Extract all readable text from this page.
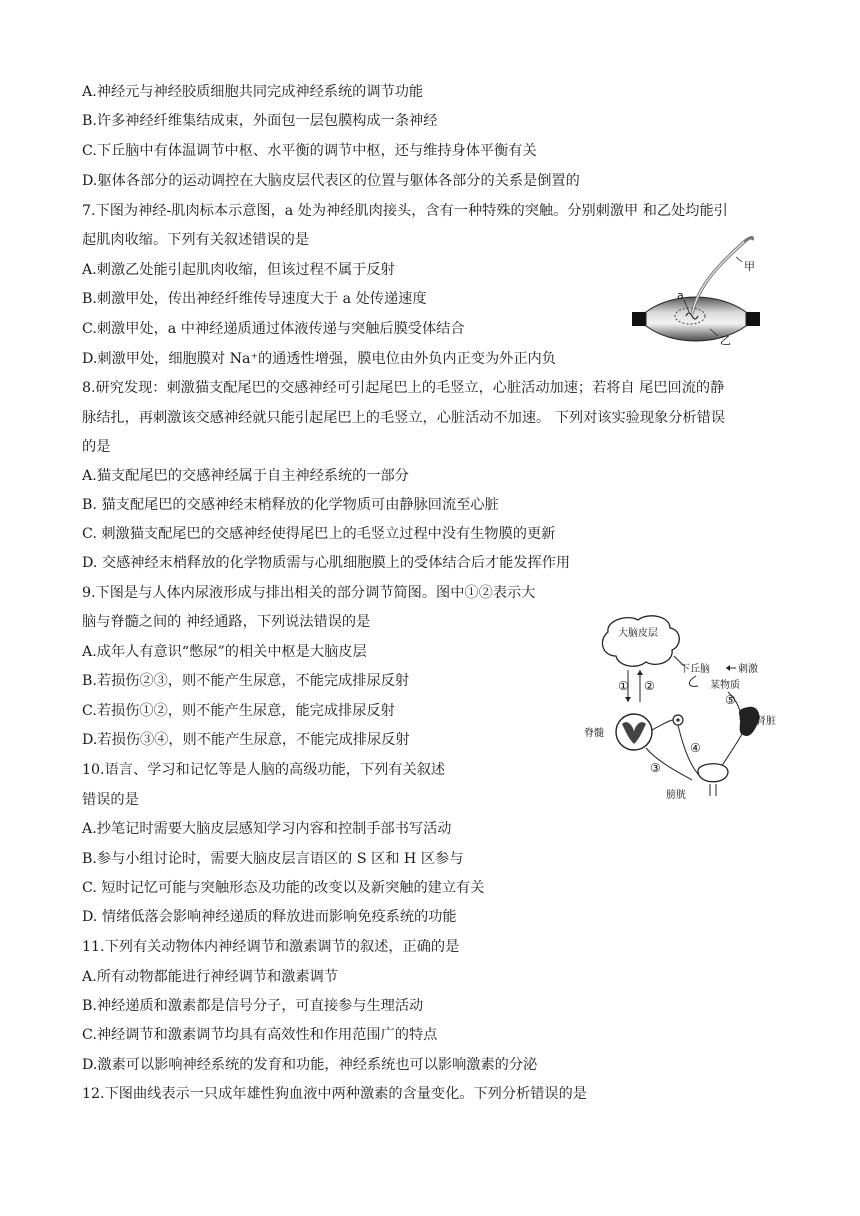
A.神经元与神经胶质细胞共同完成神经系统的调节功能
B.许多神经纤维集结成束，外面包一层包膜构成一条神经
C.下丘脑中有体温调节中枢、水平衡的调节中枢，还与维持身体平衡有关
D.躯体各部分的运动调控在大脑皮层代表区的位置与躯体各部分的关系是倒置的
7.下图为神经-肌肉标本示意图，a 处为神经肌肉接头，含有一种特殊的突触。分别刺激甲 和乙处均能引
起肌肉收缩。下列有关叙述错误的是
A.刺激乙处能引起肌肉收缩，但该过程不属于反射
B.刺激甲处，传出神经纤维传导速度大于 a 处传递速度
C.刺激甲处，a 中神经递质通过体液传递与突触后膜受体结合
D.刺激甲处，细胞膜对 Na⁺的通透性增强，膜电位由外负内正变为外正内负
a
甲
乙
8.研究发现：刺激猫支配尾巴的交感神经可引起尾巴上的毛竖立，心脏活动加速；若将自 尾巴回流的静
脉结扎，再刺激该交感神经就只能引起尾巴上的毛竖立，心脏活动不加速。 下列对该实验现象分析错误
的是
A.猫支配尾巴的交感神经属于自主神经系统的一部分
B. 猫支配尾巴的交感神经末梢释放的化学物质可由静脉回流至心脏
C. 刺激猫支配尾巴的交感神经使得尾巴上的毛竖立过程中没有生物膜的更新
D. 交感神经末梢释放的化学物质需与心肌细胞膜上的受体结合后才能发挥作用
9.下图是与人体内尿液形成与排出相关的部分调节简图。图中①②表示大
脑与脊髓之间的 神经通路，下列说法错误的是
A.成年人有意识“憋尿”的相关中枢是大脑皮层
B.若损伤②③，则不能产生尿意，不能完成排尿反射
C.若损伤①②，则不能产生尿意，能完成排尿反射
D.若损伤③④，则不能产生尿意，不能完成排尿反射
大脑皮层
下丘脑	刺激
某物质
⑤
① ②
脊髓
④
③
肾脏
膀胱
10.语言、学习和记忆等是人脑的高级功能，下列有关叙述
错误的是
A.抄笔记时需要大脑皮层感知学习内容和控制手部书写活动
B.参与小组讨论时，需要大脑皮层言语区的 S 区和 H 区参与
C. 短时记忆可能与突触形态及功能的改变以及新突触的建立有关
D. 情绪低落会影响神经递质的释放进而影响免疫系统的功能
11.下列有关动物体内神经调节和激素调节的叙述，正确的是
A.所有动物都能进行神经调节和激素调节
B.神经递质和激素都是信号分子，可直接参与生理活动
C.神经调节和激素调节均具有高效性和作用范围广的特点
D.激素可以影响神经系统的发育和功能，神经系统也可以影响激素的分泌
12.下图曲线表示一只成年雄性狗血液中两种激素的含量变化。下列分析错误的是
